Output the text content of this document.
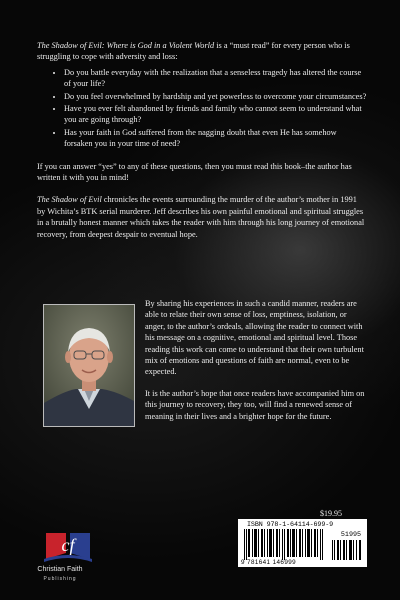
The Shadow of Evil: Where is God in a Violent World is a “must read” for every person who is struggling to cope with adversity and loss:

• Do you battle everyday with the realization that a senseless tragedy has altered the course of your life?
• Do you feel overwhelmed by hardship and yet powerless to overcome your circumstances?
• Have you ever felt abandoned by friends and family who cannot seem to understand what you are going through?
• Has your faith in God suffered from the nagging doubt that even He has somehow forsaken you in your time of need?

If you can answer “yes” to any of these questions, then you must read this book–the author has written it with you in mind!

The Shadow of Evil chronicles the events surrounding the murder of the author’s mother in 1991 by Wichita’s BTK serial murderer. Jeff describes his own painful emotional and spiritual struggles in a brutally honest manner which takes the reader with him through his long journey of emotional recovery, from deepest despair to eventual hope.

By sharing his experiences in such a candid manner, readers are able to relate their own sense of loss, emptiness, isolation, or anger, to the author’s ordeals, allowing the reader to connect with his message on a cognitive, emotional and spiritual level. Those reading this work can come to understand that their own turbulent mix of emotions and questions of faith are normal, even to be expected.

It is the author’s hope that once readers have accompanied him on this journey to recovery, they too, will find a renewed sense of meaning in their lives and a brighter hope for the future.

$19.95
ISBN 978-1-64114-699-9
51995
9 781641 146999
cf
Christian Faith
Publishing
